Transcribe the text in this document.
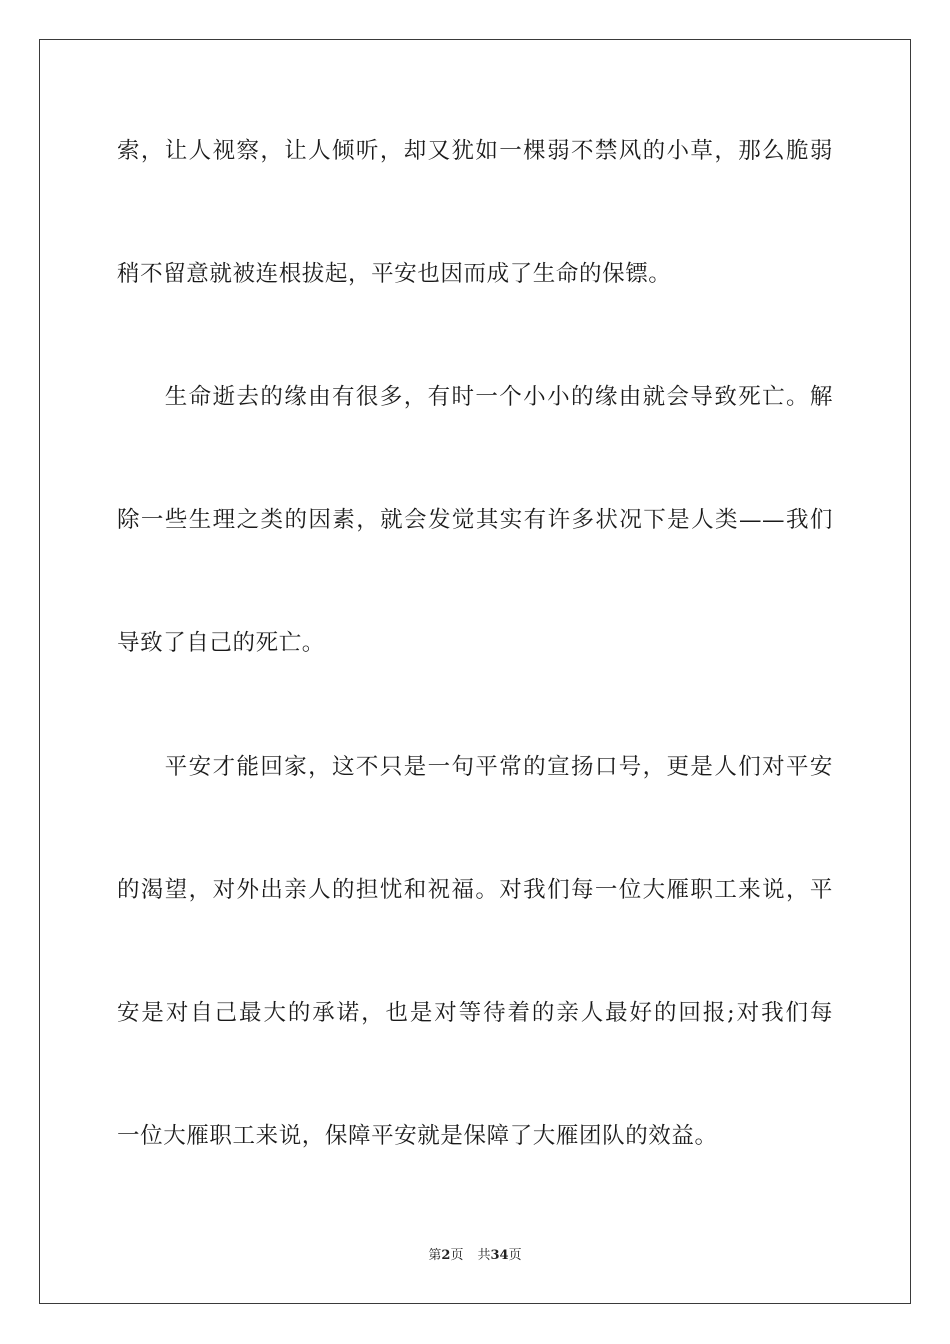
索，让人视察，让人倾听，却又犹如一棵弱不禁风的小草，那么脆弱
稍不留意就被连根拔起，平安也因而成了生命的保镖。
　　生命逝去的缘由有很多，有时一个小小的缘由就会导致死亡。解
除一些生理之类的因素，就会发觉其实有许多状况下是人类——我们
导致了自己的死亡。
　　平安才能回家，这不只是一句平常的宣扬口号，更是人们对平安
的渴望，对外出亲人的担忧和祝福。对我们每一位大雁职工来说，平
安是对自己最大的承诺，也是对等待着的亲人最好的回报;对我们每
一位大雁职工来说，保障平安就是保障了大雁团队的效益。
第2页 共34页
